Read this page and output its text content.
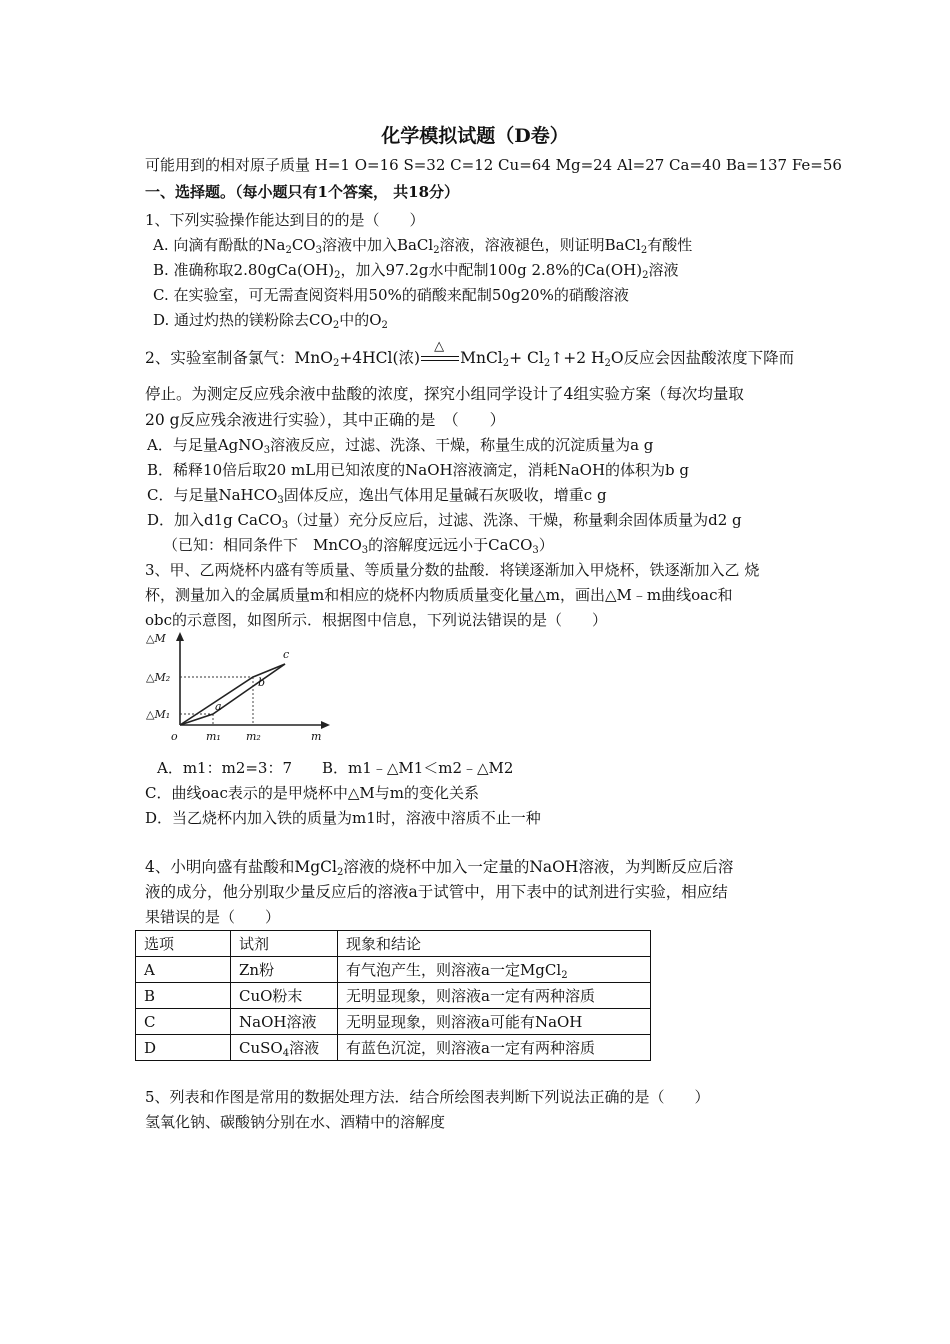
化学模拟试题（D卷）
可能用到的相对原子质量 H=1 O=16 S=32 C=12 Cu=64 Mg=24 Al=27 Ca=40 Ba=137 Fe=56
一、选择题。（每小题只有1个答案， 共18分）
1、下列实验操作能达到目的的是（　　）
A. 向滴有酚酞的$Na_2CO_3$溶液中加入BaCl$_2$溶液，溶液褪色，则证明BaCl$_2$有酸性
B. 准确称取$2.80gCa(OH)_2$，加入97.2g水中配制100g 2.8%的$Ca(OH)_2$溶液
C. 在实验室，可无需查阅资料用50%的硝酸来配制50g20%的硝酸溶液
D. 通过灼热的镁粉除去$CO_2$中的$O_2$
2、实验室制备氯气：MnO$_2$+4HCl(浓)
△
MnCl$_2$+ $Cl_2↑+2$ $H_2O$反应会因盐酸浓度下降而
停止。为测定反应残余液中盐酸的浓度，探究小组同学设计了4组实验方案（每次均量取
20 g反应残余液进行实验），其中正确的是　（　　）
A．与足量AgNO$_3$溶液反应，过滤、洗涤、干燥，称量生成的沉淀质量为a g
B．稀释10倍后取20 mL用已知浓度的NaOH溶液滴定，消耗NaOH的体积为b g
C．与足量NaHCO$_3$固体反应，逸出气体用足量碱石灰吸收，增重c g
D．加入d1g CaCO$_3$（过量）充分反应后，过滤、洗涤、干燥，称量剩余固体质量为d2 g
（已知：相同条件下　MnCO$_3$的溶解度远远小于CaCO$_3$）
3、甲、乙两烧杯内盛有等质量、等质量分数的盐酸．将镁逐渐加入甲烧杯，铁逐渐加入乙 烧
杯，测量加入的金属质量m和相应的烧杯内物质质量变化量△m，画出△M﹣m曲线oac和
obc的示意图，如图所示．根据图中信息，下列说法错误的是（　　）
△M
△M₂
△M₁
o	m₁ m₂	m
a
b
c
A．m1：m2=3：7　　B．m1﹣△M1＜m2﹣△M2
C．曲线oac表示的是甲烧杯中△M与m的变化关系
D．当乙烧杯内加入铁的质量为m1时，溶液中溶质不止一种
4、小明向盛有盐酸和MgCl$_2$溶液的烧杯中加入一定量的NaOH溶液，为判断反应后溶
液的成分，他分别取少量反应后的溶液a于试管中，用下表中的试剂进行实验，相应结
果错误的是（　　）
选项	试剂	现象和结论
A	Zn粉	有气泡产生，则溶液a一定MgCl$_2$
B	CuO粉末	无明显现象，则溶液a一定有两种溶质
C	NaOH溶液	无明显现象，则溶液a可能有NaOH
D	CuSO$_4$溶液	有蓝色沉淀，则溶液a一定有两种溶质
5、列表和作图是常用的数据处理方法．结合所绘图表判断下列说法正确的是（　　）
氢氧化钠、碳酸钠分别在水、酒精中的溶解度
